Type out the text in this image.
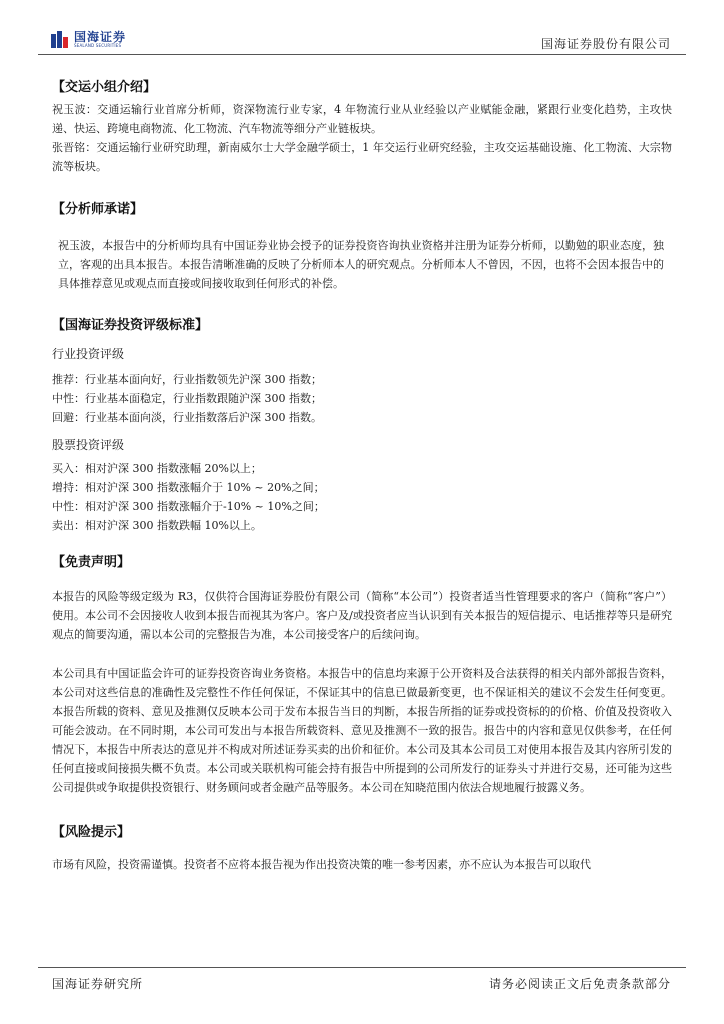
国海证券
SEALAND SECURITIES	国海证券股份有限公司
【交运小组介绍】

祝玉波：交通运输行业首席分析师，资深物流行业专家，4 年物流行业从业经验以产业赋能金融，紧跟行业变化趋势，主攻快递、快运、跨境电商物流、化工物流、汽车物流等细分产业链板块。

张晋铭：交通运输行业研究助理，新南威尔士大学金融学硕士，1 年交运行业研究经验，主攻交运基础设施、化工物流、大宗物流等板块。

【分析师承诺】

祝玉波，本报告中的分析师均具有中国证券业协会授予的证券投资咨询执业资格并注册为证券分析师，以勤勉的职业态度，独立，客观的出具本报告。本报告清晰准确的反映了分析师本人的研究观点。分析师本人不曾因，不因，也将不会因本报告中的具体推荐意见或观点而直接或间接收取到任何形式的补偿。

【国海证券投资评级标准】

行业投资评级

推荐：行业基本面向好，行业指数领先沪深 300 指数；

中性：行业基本面稳定，行业指数跟随沪深 300 指数；

回避：行业基本面向淡，行业指数落后沪深 300 指数。

股票投资评级

买入：相对沪深 300 指数涨幅 20%以上；

增持：相对沪深 300 指数涨幅介于 10% ~ 20%之间；

中性：相对沪深 300 指数涨幅介于-10% ~ 10%之间；

卖出：相对沪深 300 指数跌幅 10%以上。

【免责声明】

本报告的风险等级定级为 R3，仅供符合国海证券股份有限公司（简称“本公司”）投资者适当性管理要求的客户（简称“客户”）使用。本公司不会因接收人收到本报告而视其为客户。客户及/或投资者应当认识到有关本报告的短信提示、电话推荐等只是研究观点的简要沟通，需以本公司的完整报告为准，本公司接受客户的后续问询。

本公司具有中国证监会许可的证券投资咨询业务资格。本报告中的信息均来源于公开资料及合法获得的相关内部外部报告资料，本公司对这些信息的准确性及完整性不作任何保证，不保证其中的信息已做最新变更，也不保证相关的建议不会发生任何变更。本报告所载的资料、意见及推测仅反映本公司于发布本报告当日的判断，本报告所指的证券或投资标的的价格、价值及投资收入可能会波动。在不同时期，本公司可发出与本报告所载资料、意见及推测不一致的报告。报告中的内容和意见仅供参考，在任何情况下，本报告中所表达的意见并不构成对所述证券买卖的出价和征价。本公司及其本公司员工对使用本报告及其内容所引发的任何直接或间接损失概不负责。本公司或关联机构可能会持有报告中所提到的公司所发行的证券头寸并进行交易，还可能为这些公司提供或争取提供投资银行、财务顾问或者金融产品等服务。本公司在知晓范围内依法合规地履行披露义务。

【风险提示】

市场有风险，投资需谨慎。投资者不应将本报告视为作出投资决策的唯一参考因素，亦不应认为本报告可以取代

国海证券研究所	请务必阅读正文后免责条款部分
